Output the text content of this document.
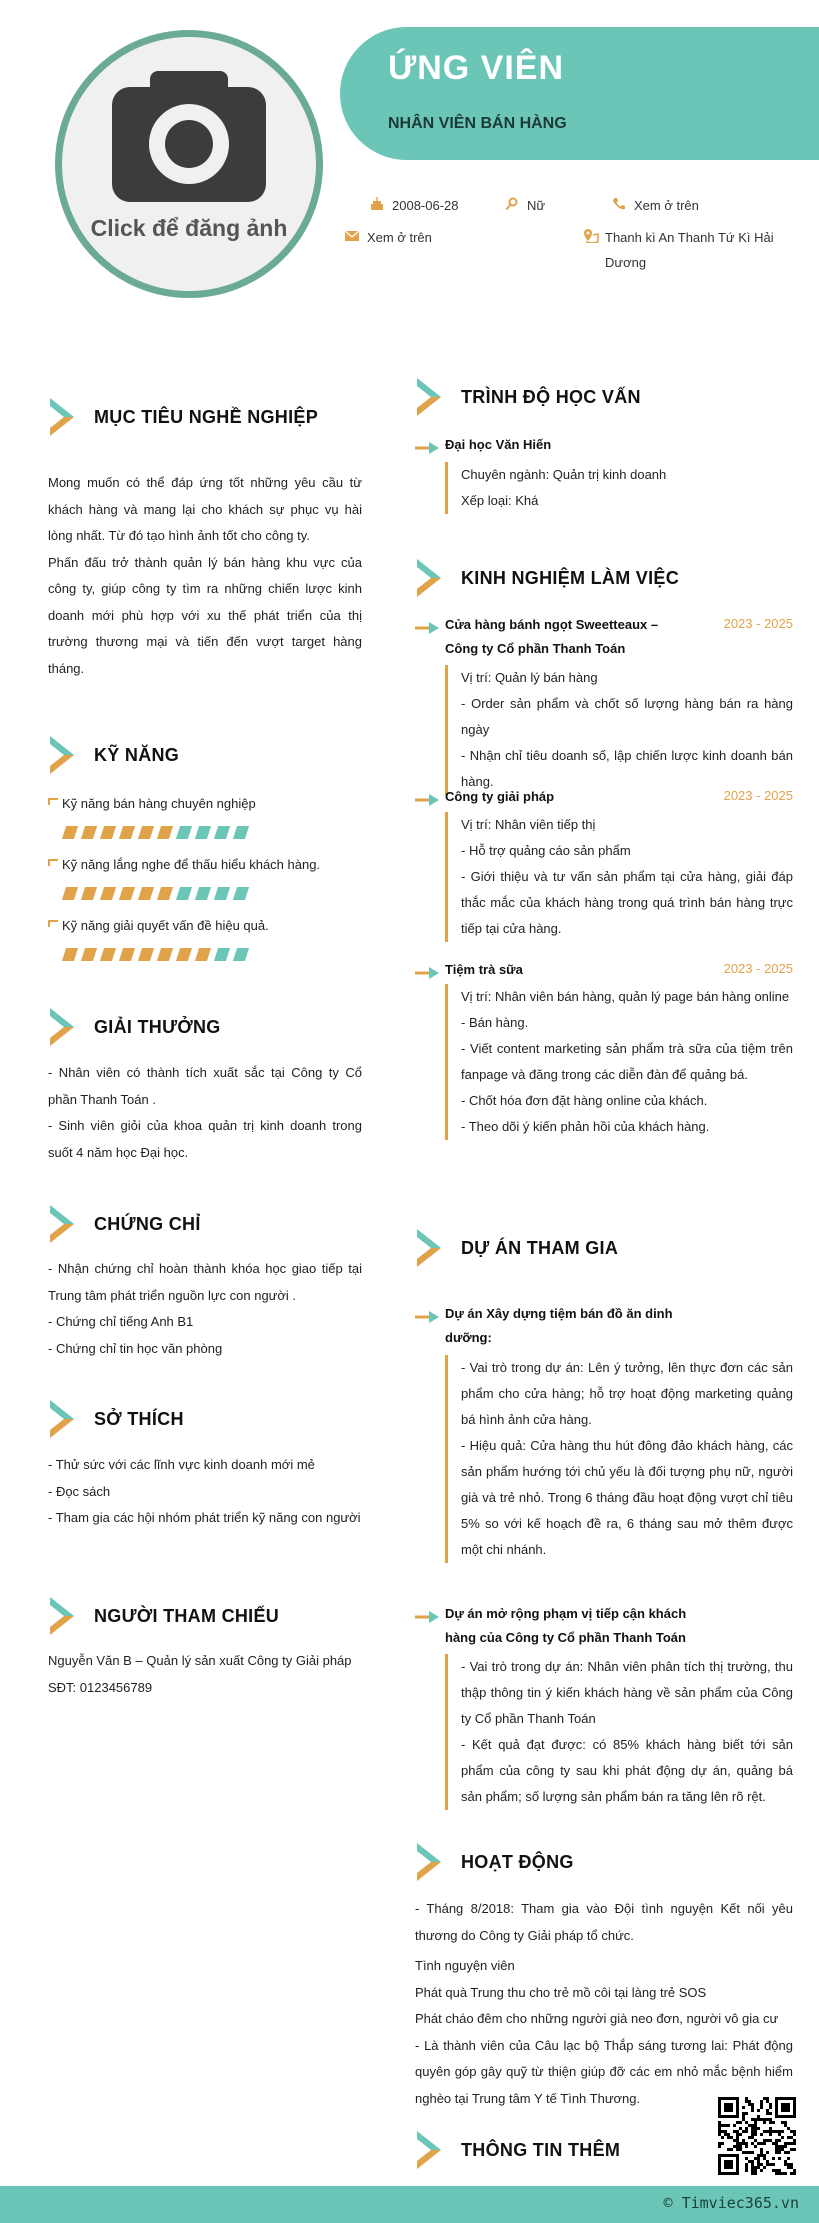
Click để đăng ảnh
ỨNG VIÊN
NHÂN VIÊN BÁN HÀNG
2008-06-28	Nữ	Xem ở trên
Xem ở trên	Thanh kì An Thanh Tứ Kì Hải Dương
MỤC TIÊU NGHỀ NGHIỆP

Mong muốn có thể đáp ứng tốt những yêu cầu từ khách hàng và mang lại cho khách sự phục vụ hài lòng nhất. Từ đó tạo hình ảnh tốt cho công ty.

Phấn đấu trở thành quản lý bán hàng khu vực của công ty, giúp công ty tìm ra những chiến lược kinh doanh mới phù hợp với xu thế phát triển của thị trường thương mại và tiến đến vượt target hàng tháng.

KỸ NĂNG
Kỹ năng bán hàng chuyên nghiệp
Kỹ năng lắng nghe để thấu hiểu khách hàng.
Kỹ năng giải quyết vấn đề hiệu quả.
GIẢI THƯỞNG

- Nhân viên có thành tích xuất sắc tại Công ty Cổ phần Thanh Toán .

- Sinh viên giỏi của khoa quản trị kinh doanh trong suốt 4 năm học Đại học.

CHỨNG CHỈ

- Nhận chứng chỉ hoàn thành khóa học giao tiếp tại Trung tâm phát triển nguồn lực con người .

- Chứng chỉ tiếng Anh B1

- Chứng chỉ tin học văn phòng

SỞ THÍCH

- Thử sức với các lĩnh vực kinh doanh mới mẻ

- Đọc sách

- Tham gia các hội nhóm phát triển kỹ năng con người

NGƯỜI THAM CHIẾU

Nguyễn Văn B – Quản lý sản xuất Công ty Giải pháp

SĐT: 0123456789

TRÌNH ĐỘ HỌC VẤN
Đại học Văn Hiến

Chuyên ngành: Quản trị kinh doanh

Xếp loại: Khá

KINH NGHIỆM LÀM VIỆC
Cửa hàng bánh ngọt Sweetteaux – Công ty Cổ phần Thanh Toán
2023 - 2025

Vị trí: Quản lý bán hàng

- Order sản phẩm và chốt số lượng hàng bán ra hàng ngày

- Nhận chỉ tiêu doanh số, lập chiến lược kinh doanh bán hàng.

Công ty giải pháp	2023 - 2025

Vị trí: Nhân viên tiếp thị

- Hỗ trợ quảng cáo sản phẩm

- Giới thiệu và tư vấn sản phẩm tại cửa hàng, giải đáp thắc mắc của khách hàng trong quá trình bán hàng trực tiếp tại cửa hàng.

Tiệm trà sữa	2023 - 2025

Vị trí: Nhân viên bán hàng, quản lý page bán hàng online

- Bán hàng.

- Viết content marketing sản phẩm trà sữa của tiệm trên fanpage và đăng trong các diễn đàn để quảng bá.

- Chốt hóa đơn đặt hàng online của khách.

- Theo dõi ý kiến phản hồi của khách hàng.

DỰ ÁN THAM GIA
Dự án Xây dựng tiệm bán đồ ăn dinh dưỡng:

- Vai trò trong dự án: Lên ý tưởng, lên thực đơn các sản phẩm cho cửa hàng; hỗ trợ hoạt động marketing quảng bá hình ảnh cửa hàng.

- Hiệu quả: Cửa hàng thu hút đông đảo khách hàng, các sản phẩm hướng tới chủ yếu là đối tượng phụ nữ, người già và trẻ nhỏ. Trong 6 tháng đầu hoạt động vượt chỉ tiêu 5% so với kế hoạch đề ra, 6 tháng sau mở thêm được một chi nhánh.

Dự án mở rộng phạm vị tiếp cận khách hàng của Công ty Cổ phần Thanh Toán

- Vai trò trong dự án: Nhân viên phân tích thị trường, thu thập thông tin ý kiến khách hàng về sản phẩm của Công ty Cổ phần Thanh Toán

- Kết quả đạt được: có 85% khách hàng biết tới sản phẩm của công ty sau khi phát động dự án, quảng bá sản phẩm; số lượng sản phẩm bán ra tăng lên rõ rệt.

HOẠT ĐỘNG

- Tháng 8/2018: Tham gia vào Đội tình nguyện Kết nối yêu thương do Công ty Giải pháp tổ chức.

Tình nguyện viên

Phát quà Trung thu cho trẻ mồ côi tại làng trẻ SOS

Phát cháo đêm cho những người già neo đơn, người vô gia cư

- Là thành viên của Câu lạc bộ Thắp sáng tương lai: Phát động quyên góp gây quỹ từ thiện giúp đỡ các em nhỏ mắc bệnh hiểm nghèo tại Trung tâm Y tế Tình Thương.

THÔNG TIN THÊM
© Timviec365.vn
